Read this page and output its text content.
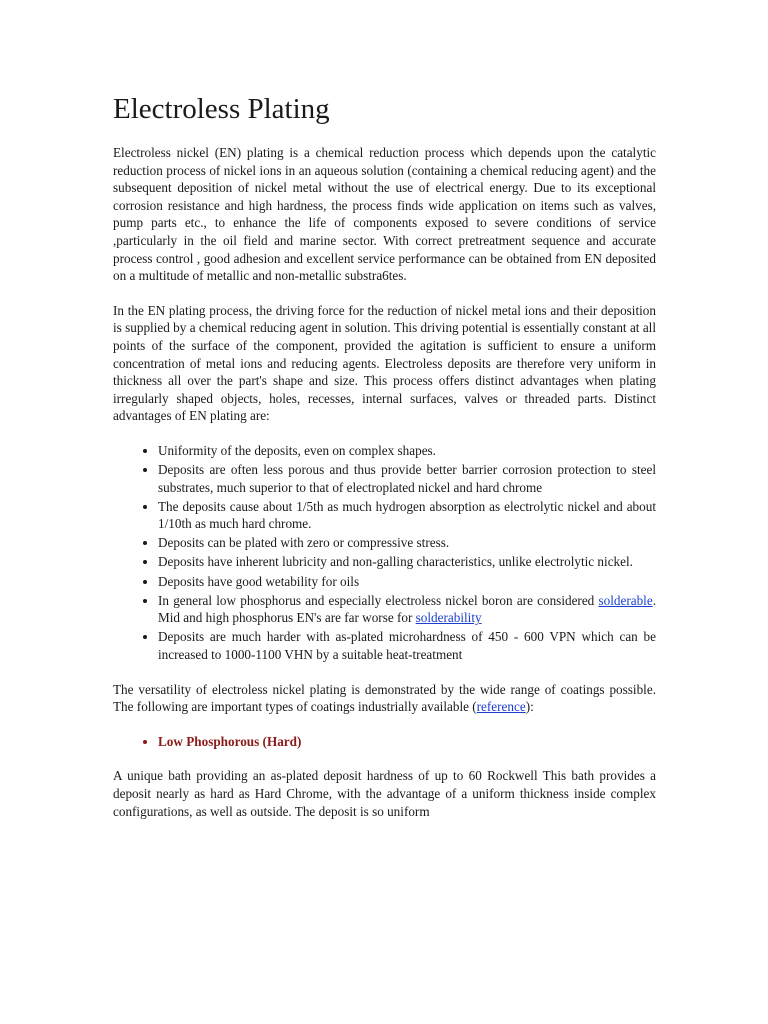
Electroless Plating

Electroless nickel (EN) plating is a chemical reduction process which depends upon the catalytic reduction process of nickel ions in an aqueous solution (containing a chemical reducing agent) and the subsequent deposition of nickel metal without the use of electrical energy. Due to its exceptional corrosion resistance and high hardness, the process finds wide application on items such as valves, pump parts etc., to enhance the life of components exposed to severe conditions of service ,particularly in the oil field and marine sector. With correct pretreatment sequence and accurate process control , good adhesion and excellent service performance can be obtained from EN deposited on a multitude of metallic and non-metallic substra6tes.

In the EN plating process, the driving force for the reduction of nickel metal ions and their deposition is supplied by a chemical reducing agent in solution. This driving potential is essentially constant at all points of the surface of the component, provided the agitation is sufficient to ensure a uniform concentration of metal ions and reducing agents. Electroless deposits are therefore very uniform in thickness all over the part's shape and size. This process offers distinct advantages when plating irregularly shaped objects, holes, recesses, internal surfaces, valves or threaded parts. Distinct advantages of EN plating are:

• Uniformity of the deposits, even on complex shapes.
• Deposits are often less porous and thus provide better barrier corrosion protection to steel substrates, much superior to that of electroplated nickel and hard chrome
• The deposits cause about 1/5th as much hydrogen absorption as electrolytic nickel and about 1/10th as much hard chrome.
• Deposits can be plated with zero or compressive stress.
• Deposits have inherent lubricity and non-galling characteristics, unlike electrolytic nickel.
• Deposits have good wetability for oils
• In general low phosphorus and especially electroless nickel boron are considered solderable. Mid and high phosphorus EN's are far worse for solderability
• Deposits are much harder with as-plated microhardness of 450 - 600 VPN which can be increased to 1000-1100 VHN by a suitable heat-treatment

The versatility of electroless nickel plating is demonstrated by the wide range of coatings possible. The following are important types of coatings industrially available (reference):

• Low Phosphorous (Hard)

A unique bath providing an as-plated deposit hardness of up to 60 Rockwell This bath provides a deposit nearly as hard as Hard Chrome, with the advantage of a uniform thickness inside complex configurations, as well as outside. The deposit is so uniform
